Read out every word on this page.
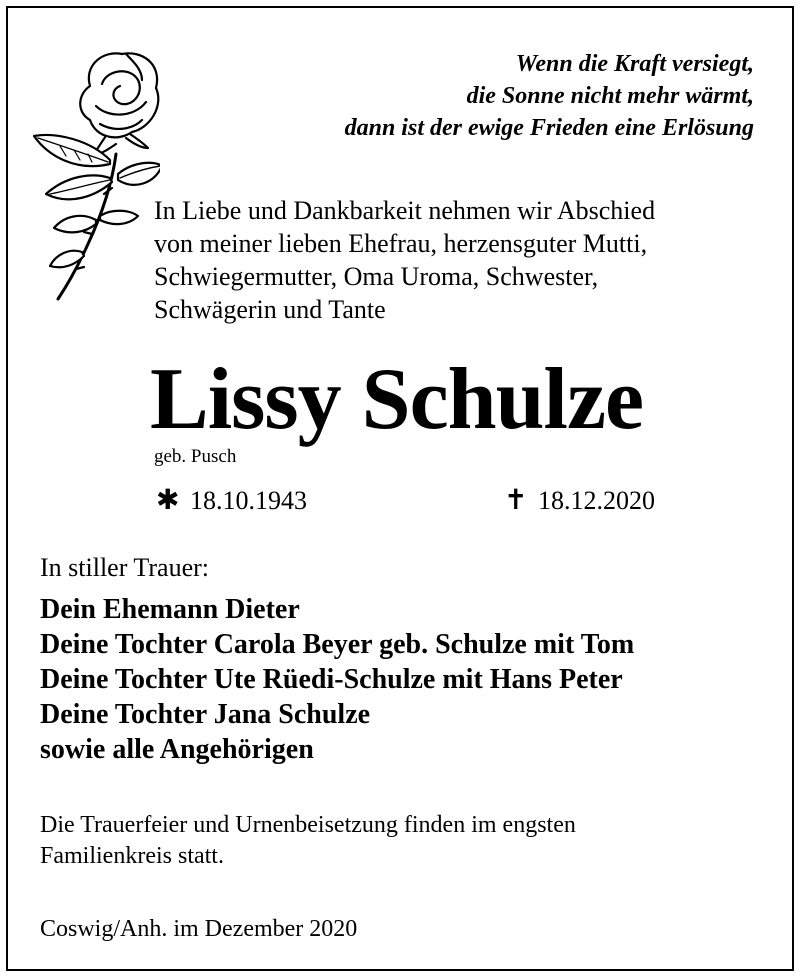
Wenn die Kraft versiegt,
die Sonne nicht mehr wärmt,
dann ist der ewige Frieden eine Erlösung
In Liebe und Dankbarkeit nehmen wir Abschied
von meiner lieben Ehefrau, herzensguter Mutti,
Schwiegermutter, Oma Uroma, Schwester,
Schwägerin und Tante
Lissy Schulze
geb. Pusch
✱ 18.10.1943	✝ 18.12.2020
In stiller Trauer:
Dein Ehemann Dieter
Deine Tochter Carola Beyer geb. Schulze mit Tom
Deine Tochter Ute Rüedi-Schulze mit Hans Peter
Deine Tochter Jana Schulze
sowie alle Angehörigen
Die Trauerfeier und Urnenbeisetzung finden im engsten
Familienkreis statt.
Coswig/Anh. im Dezember 2020
